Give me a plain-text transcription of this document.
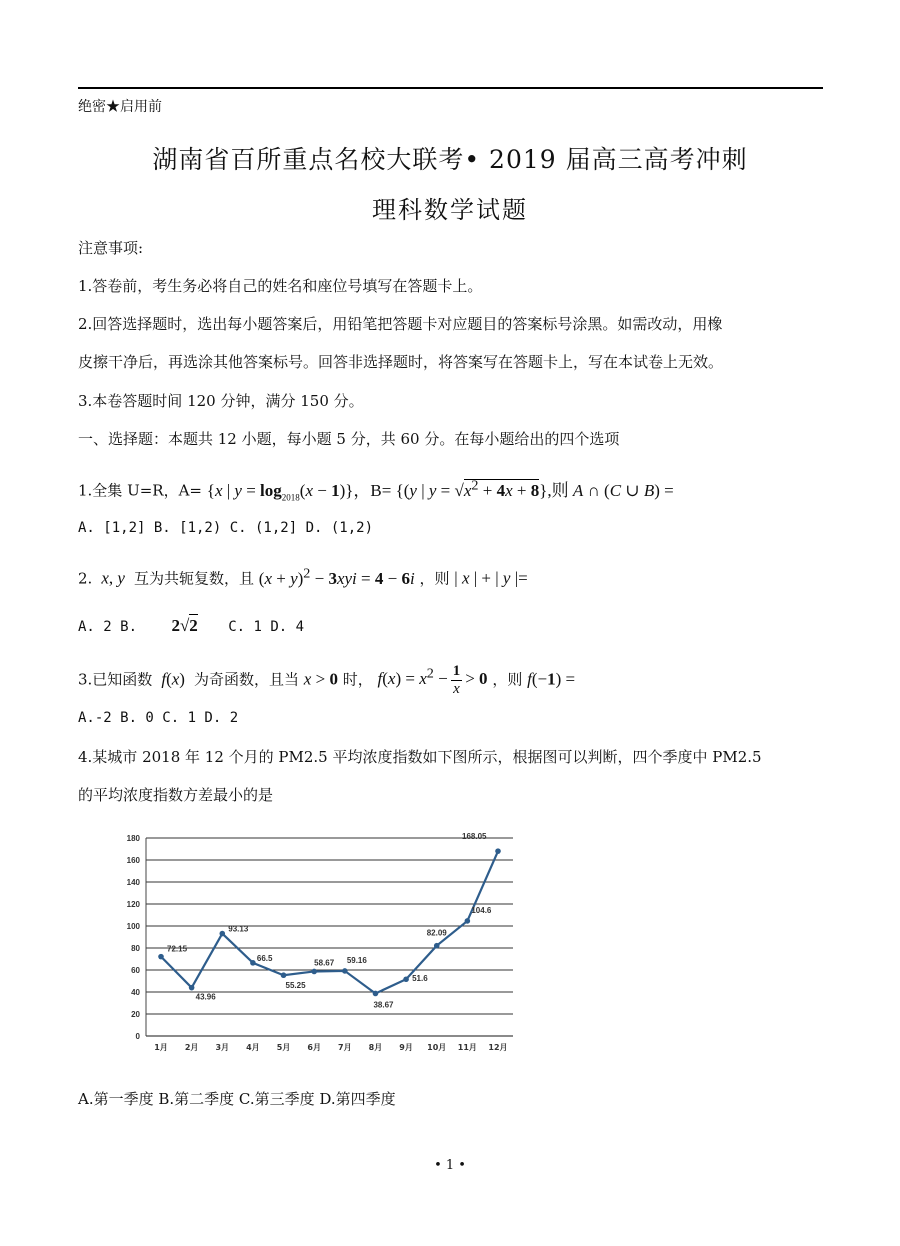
绝密★启用前
湖南省百所重点名校大联考• 2019 届高三高考冲刺
理科数学试题
注意事项:
1.答卷前，考生务必将自己的姓名和座位号填写在答题卡上。
2.回答选择题时，选出每小题答案后，用铅笔把答题卡对应题目的答案标号涂黑。如需改动，用橡
皮擦干净后，再选涂其他答案标号。回答非选择题时，将答案写在答题卡上，写在本试卷上无效。
3.本卷答题时间 120 分钟，满分 150 分。
一、选择题：本题共 12 小题，每小题 5 分，共 60 分。在每小题给出的四个选项
1.全集 U=R，A= {x | $y = \log_{2018}(x - 1)$}，B= {(y | $y = √x^2 + 4x + 8$},则 A ∩ (C ∪ B) =
A. [1,2] B. [1,2) C. (1,2] D. (1,2)
2. x, y 互为共轭复数，且 $(x + y)^2 - 3xyi = 4 - 6i$ ，则 | x | + | y |=
A. 2 B. 2√2 C. 1 D. 4
3.已知函数 f(x)  为奇函数，且当 x > 0 时， $f(x) = x^2 - \frac{1}{x} > 0$ ，则 f(−1) =
A.-2 B. 0 C. 1 D. 2
4.某城市 2018 年 12 个月的 PM2.5 平均浓度指数如下图所示，根据图可以判断，四个季度中 PM2.5
的平均浓度指数方差最小的是
0
20
40
60
80
100
120
140
160
180
1月 2月 3月 4月 5月 6月 7月 8月 9月 10月 11月 12月
72.15
43.96
93.13
66.5
55.25
58.67 59.16
38.67
51.6
82.09
104.6
168.05
A.第一季度 B.第二季度 C.第三季度 D.第四季度
• 1 •
